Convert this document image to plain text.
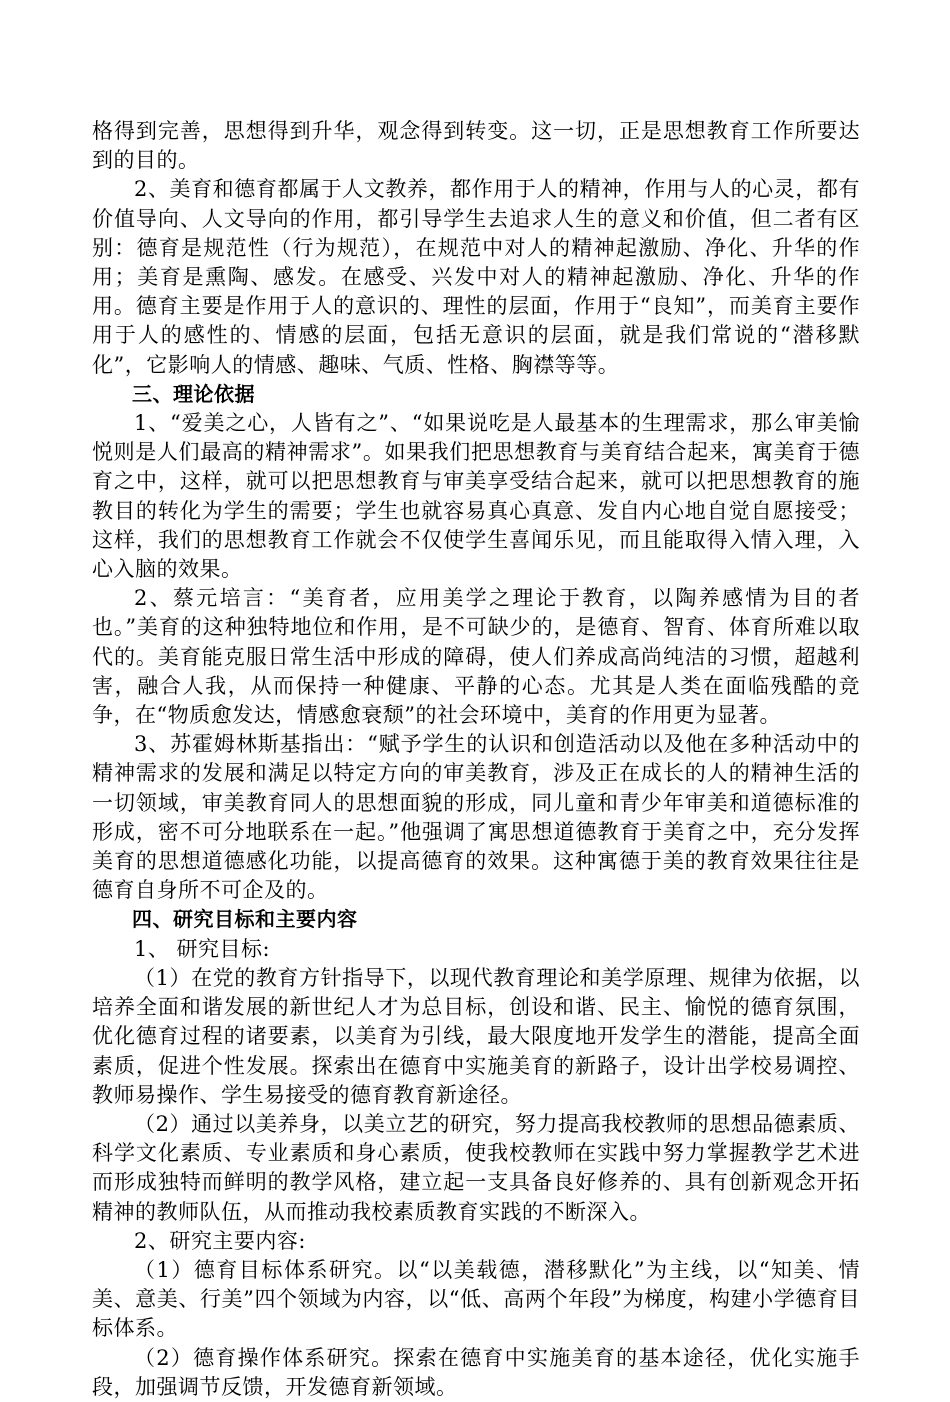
格得到完善，思想得到升华，观念得到转变。这一切，正是思想教育工作所要达到的目的。

2、美育和德育都属于人文教养，都作用于人的精神，作用与人的心灵，都有价值导向、人文导向的作用，都引导学生去追求人生的意义和价值，但二者有区别：德育是规范性（行为规范），在规范中对人的精神起激励、净化、升华的作用；美育是熏陶、感发。在感受、兴发中对人的精神起激励、净化、升华的作用。德育主要是作用于人的意识的、理性的层面，作用于“良知”，而美育主要作用于人的感性的、情感的层面，包括无意识的层面，就是我们常说的“潜移默化”，它影响人的情感、趣味、气质、性格、胸襟等等。

三、理论依据

1、“爱美之心，人皆有之”、“如果说吃是人最基本的生理需求，那么审美愉悦则是人们最高的精神需求”。如果我们把思想教育与美育结合起来，寓美育于德育之中，这样，就可以把思想教育与审美享受结合起来，就可以把思想教育的施教目的转化为学生的需要；学生也就容易真心真意、发自内心地自觉自愿接受；这样，我们的思想教育工作就会不仅使学生喜闻乐见，而且能取得入情入理，入心入脑的效果。

2、蔡元培言：“美育者，应用美学之理论于教育，以陶养感情为目的者也。”美育的这种独特地位和作用，是不可缺少的，是德育、智育、体育所难以取代的。美育能克服日常生活中形成的障碍，使人们养成高尚纯洁的习惯，超越利害，融合人我，从而保持一种健康、平静的心态。尤其是人类在面临残酷的竞争，在“物质愈发达，情感愈衰颓”的社会环境中，美育的作用更为显著。

3、苏霍姆林斯基指出：“赋予学生的认识和创造活动以及他在多种活动中的精神需求的发展和满足以特定方向的审美教育，涉及正在成长的人的精神生活的一切领域，审美教育同人的思想面貌的形成，同儿童和青少年审美和道德标准的形成，密不可分地联系在一起。”他强调了寓思想道德教育于美育之中，充分发挥美育的思想道德感化功能，以提高德育的效果。这种寓德于美的教育效果往往是德育自身所不可企及的。

四、研究目标和主要内容

1、 研究目标:

（1）在党的教育方针指导下，以现代教育理论和美学原理、规律为依据，以培养全面和谐发展的新世纪人才为总目标，创设和谐、民主、愉悦的德育氛围，优化德育过程的诸要素，以美育为引线，最大限度地开发学生的潜能，提高全面素质，促进个性发展。探索出在德育中实施美育的新路子，设计出学校易调控、教师易操作、学生易接受的德育教育新途径。

（2）通过以美养身，以美立艺的研究，努力提高我校教师的思想品德素质、科学文化素质、专业素质和身心素质，使我校教师在实践中努力掌握教学艺术进而形成独特而鲜明的教学风格，建立起一支具备良好修养的、具有创新观念开拓精神的教师队伍，从而推动我校素质教育实践的不断深入。

2、研究主要内容:

（1）德育目标体系研究。以“以美载德，潜移默化”为主线，以“知美、情美、意美、行美”四个领域为内容，以“低、高两个年段”为梯度，构建小学德育目标体系。

（2）德育操作体系研究。探索在德育中实施美育的基本途径，优化实施手段，加强调节反馈，开发德育新领域。
